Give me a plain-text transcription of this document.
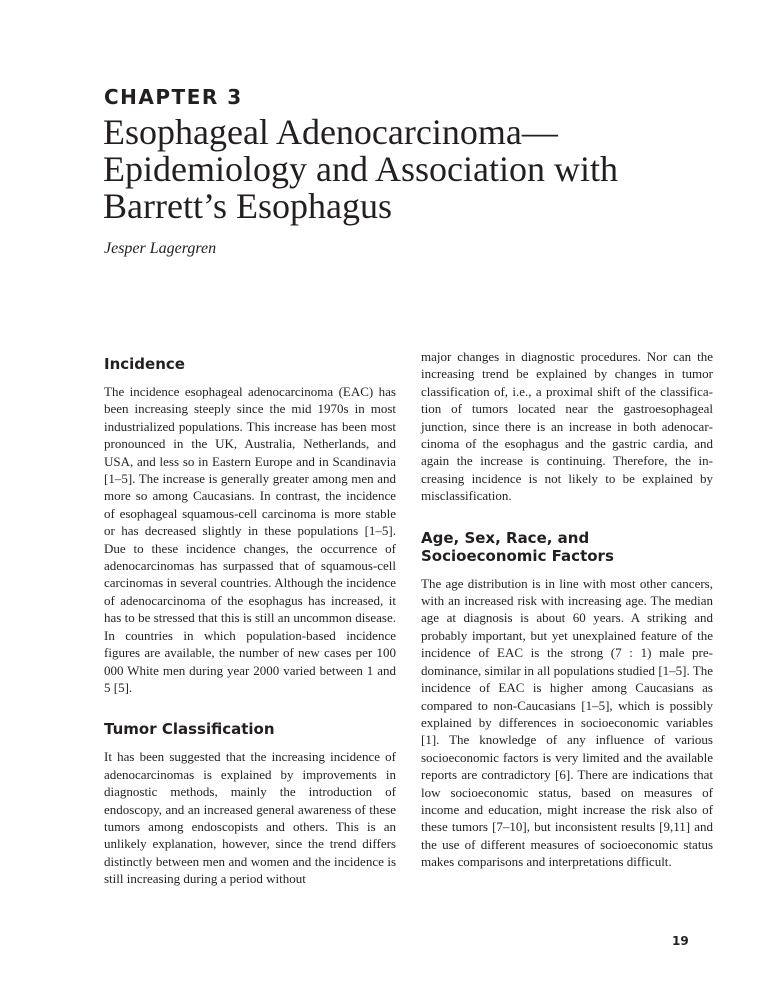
CHAPTER 3
Esophageal Adenocarcinoma—
Epidemiology and Association with
Barrett’s Esophagus
Jesper Lagergren
Incidence

The incidence esophageal adenocarcinoma (EAC) has been increasing steeply since the mid 1970s in most industrialized populations. This increase has been most pronounced in the UK, Australia, Netherlands, and USA, and less so in Eastern Europe and in Scandinavia [1–5]. The increase is generally greater among men and more so among Caucasians. In contrast, the incidence of esophageal squamous-cell carcinoma is more stable or has decreased slightly in these populations [1–5]. Due to these incidence changes, the occurrence of adenocarcinomas has surpassed that of squamous-cell carcinomas in several countries. Although the incidence of adenocarcinoma of the esophagus has increased, it has to be stressed that this is still an uncommon disease. In countries in which population-based incidence figures are available, the number of new cases per 100 000 White men during year 2000 varied between 1 and 5 [5].

Tumor Classification

It has been suggested that the increasing incidence of adenocarcinomas is explained by improvements in diagnostic methods, mainly the introduction of endoscopy, and an increased general awareness of these tumors among endoscopists and others. This is an unlikely explanation, however, since the trend differs distinctly between men and women and the incidence is still increasing during a period without

major changes in diagnostic procedures. Nor can the increasing trend be explained by changes in tumor classification of, i.e., a proximal shift of the classification of tumors located near the gastroesophageal junction, since there is an increase in both adenocarcinoma of the esophagus and the gastric cardia, and again the increase is continuing. Therefore, the increasing incidence is not likely to be explained by misclassification.

Age, Sex, Race, and
Socioeconomic Factors

The age distribution is in line with most other cancers, with an increased risk with increasing age. The median age at diagnosis is about 60 years. A striking and probably important, but yet unexplained feature of the incidence of EAC is the strong (7 : 1) male predominance, similar in all populations studied [1–5]. The incidence of EAC is higher among Caucasians as compared to non-Caucasians [1–5], which is possibly explained by differences in socioeconomic variables [1]. The knowledge of any influence of various socioeconomic factors is very limited and the available reports are contradictory [6]. There are indications that low socioeconomic status, based on measures of income and education, might increase the risk also of these tumors [7–10], but inconsistent results [9,11] and the use of different measures of socioeconomic status makes comparisons and interpretations difficult.

19
